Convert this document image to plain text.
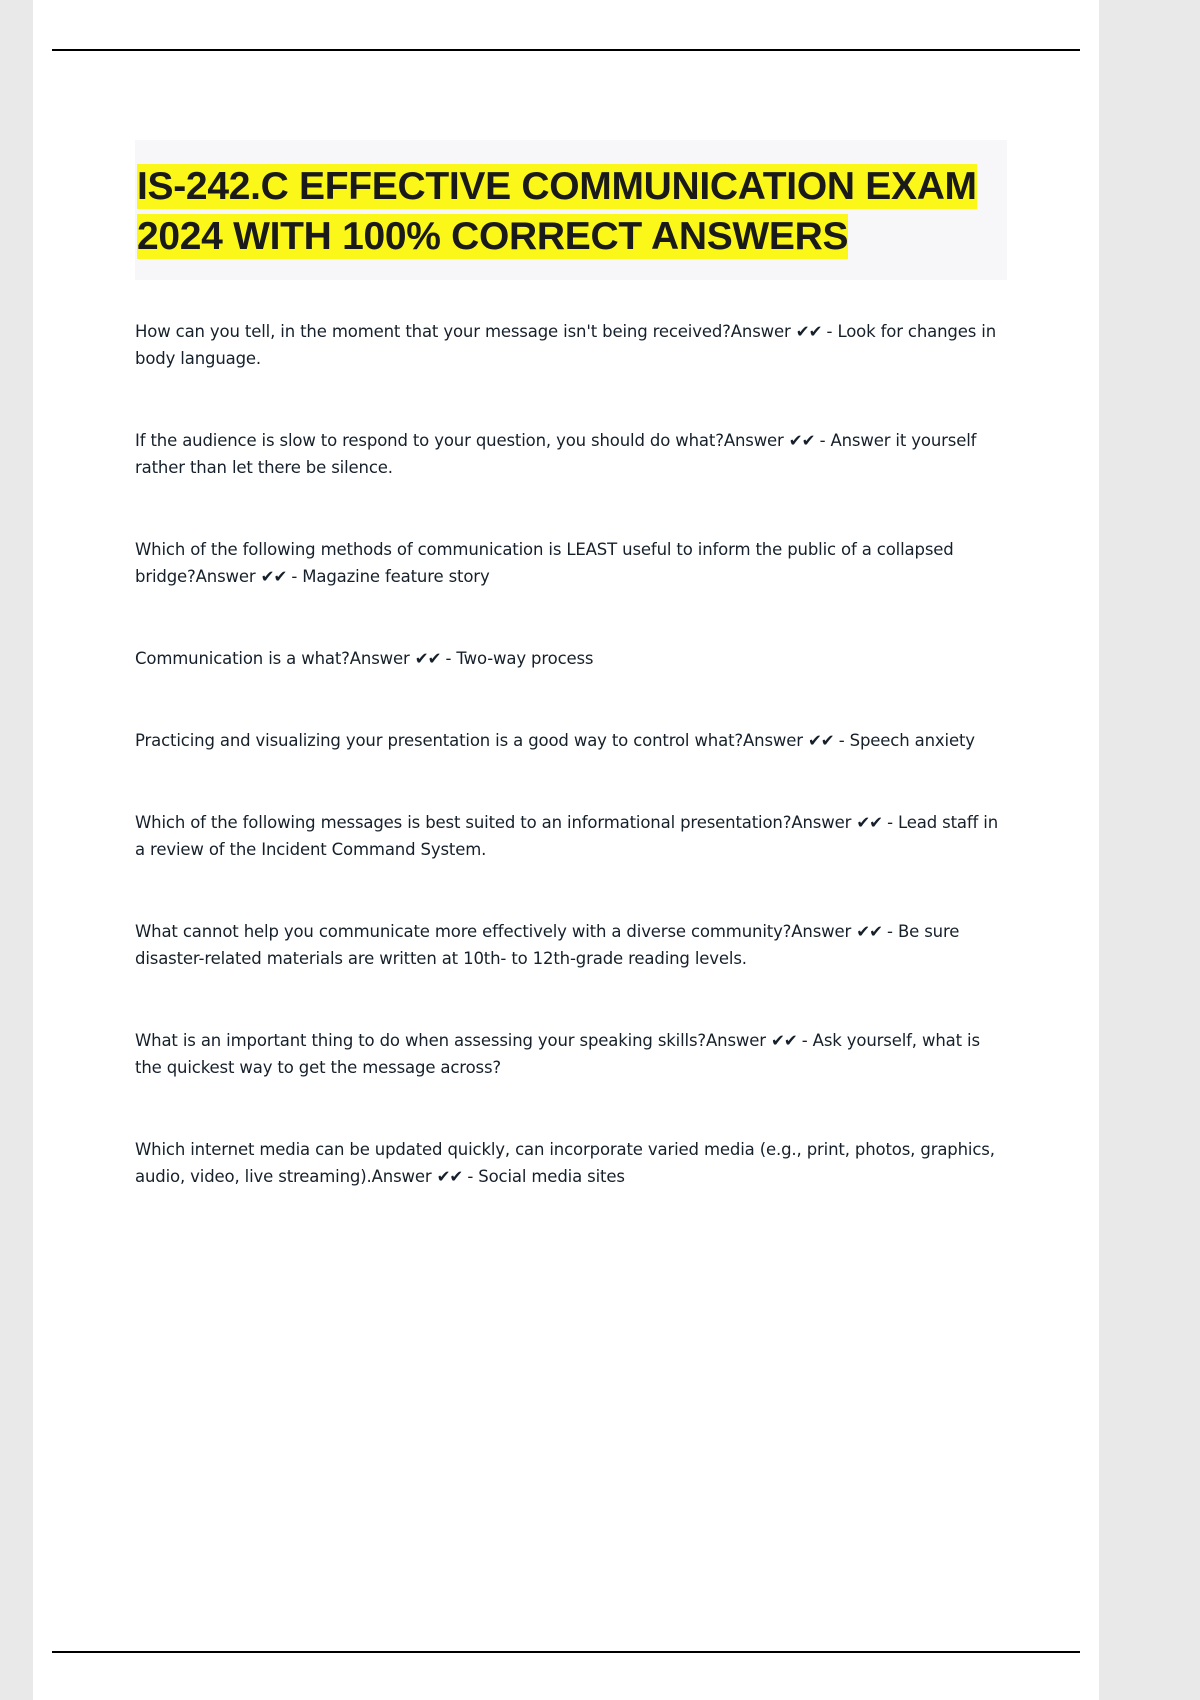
IS-242.C EFFECTIVE COMMUNICATION EXAM 2024 WITH 100% CORRECT ANSWERS

How can you tell, in the moment that your message isn't being received?Answer ✔✔ - Look for changes in body language.

If the audience is slow to respond to your question, you should do what?Answer ✔✔ - Answer it yourself rather than let there be silence.

Which of the following methods of communication is LEAST useful to inform the public of a collapsed bridge?Answer ✔✔ - Magazine feature story

Communication is a what?Answer ✔✔ - Two-way process

Practicing and visualizing your presentation is a good way to control what?Answer ✔✔ - Speech anxiety

Which of the following messages is best suited to an informational presentation?Answer ✔✔ - Lead staff in a review of the Incident Command System.

What cannot help you communicate more effectively with a diverse community?Answer ✔✔ - Be sure disaster-related materials are written at 10th- to 12th-grade reading levels.

What is an important thing to do when assessing your speaking skills?Answer ✔✔ - Ask yourself, what is the quickest way to get the message across?

Which internet media can be updated quickly, can incorporate varied media (e.g., print, photos, graphics, audio, video, live streaming).Answer ✔✔ - Social media sites
